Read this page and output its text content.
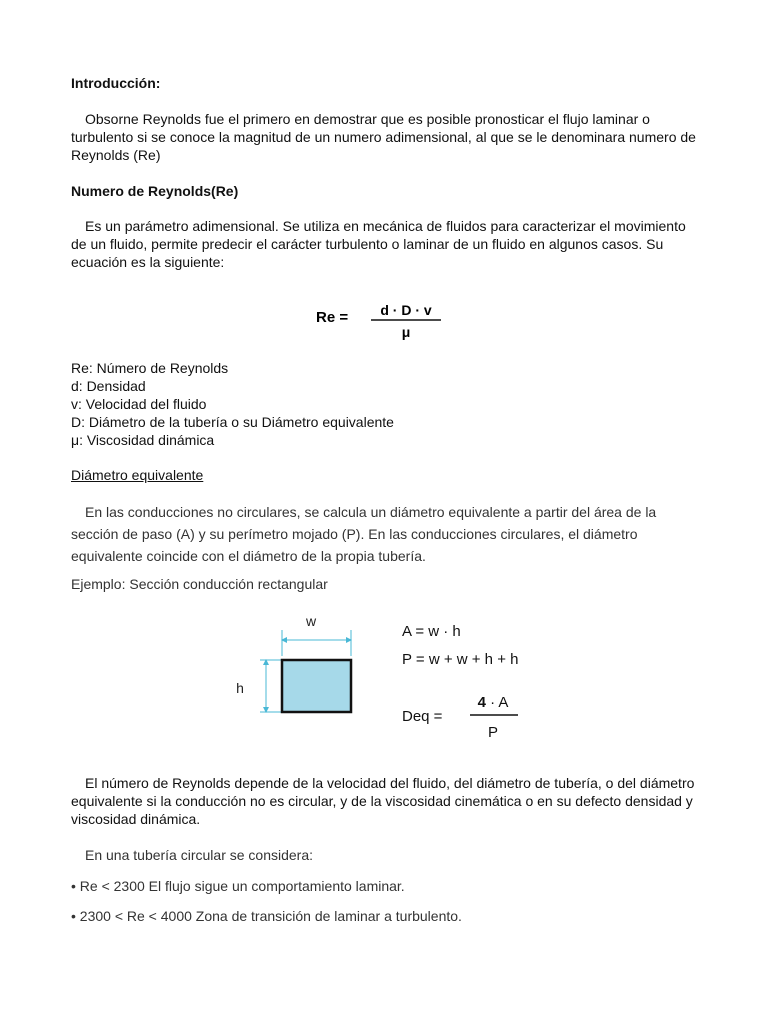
Introducción:
Obsorne Reynolds fue el primero en demostrar que es posible pronosticar el flujo laminar o turbulento si se conoce la magnitud de un numero adimensional, al que se le denominara numero de Reynolds (Re)
Numero de Reynolds(Re)
Es un parámetro adimensional. Se utiliza en mecánica de fluidos para caracterizar el movimiento de un fluido, permite predecir el carácter turbulento o laminar de un fluido en algunos casos. Su ecuación es la siguiente:
Re = d · D · v
μ
Re: Número de Reynolds
d: Densidad
v: Velocidad del fluido
D: Diámetro de la tubería o su Diámetro equivalente
μ: Viscosidad dinámica
Diámetro equivalente
En las conducciones no circulares, se calcula un diámetro equivalente a partir del área de la sección de paso (A) y su perímetro mojado (P). En las conducciones circulares, el diámetro equivalente coincide con el diámetro de la propia tubería.
Ejemplo: Sección conducción rectangular
w
h
A = w · h
P = w + w + h + h
Deq =
4 · A
P
El número de Reynolds depende de la velocidad del fluido, del diámetro de tubería, o del diámetro equivalente si la conducción no es circular, y de la viscosidad cinemática o en su defecto densidad y viscosidad dinámica.
En una tubería circular se considera:
• Re < 2300 El flujo sigue un comportamiento laminar.
• 2300 < Re < 4000 Zona de transición de laminar a turbulento.
